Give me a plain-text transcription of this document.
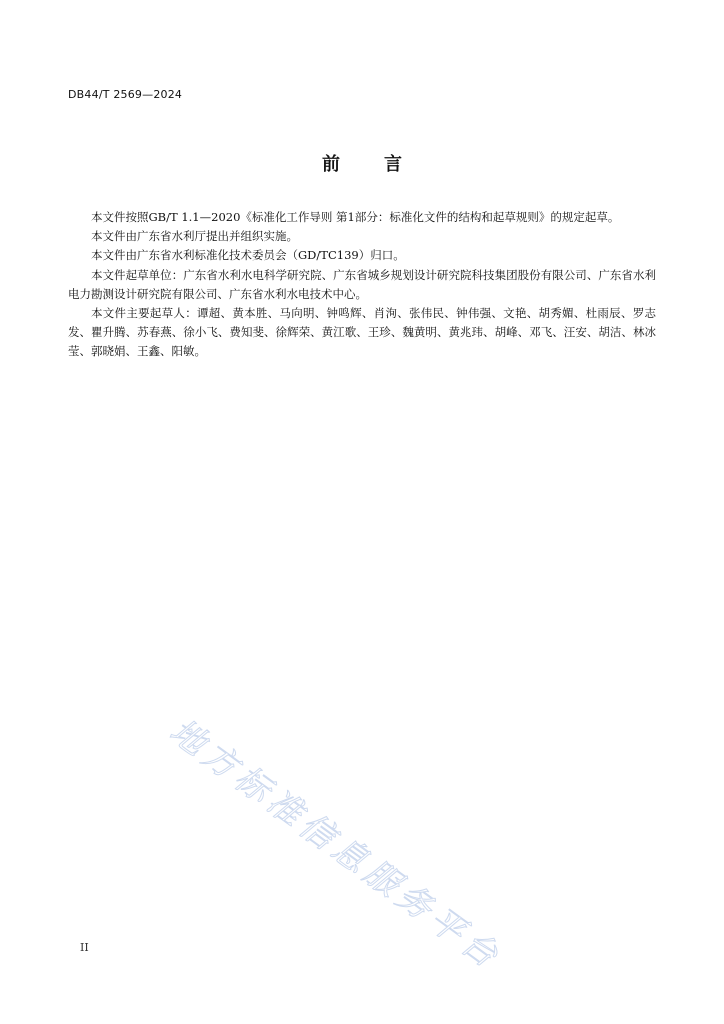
DB44/T 2569—2024
前 言

本文件按照GB/T 1.1—2020《标准化工作导则 第1部分：标准化文件的结构和起草规则》的规定起草。

本文件由广东省水利厅提出并组织实施。

本文件由广东省水利标准化技术委员会（GD/TC139）归口。

本文件起草单位：广东省水利水电科学研究院、广东省城乡规划设计研究院科技集团股份有限公司、广东省水利电力勘测设计研究院有限公司、广东省水利水电技术中心。

本文件主要起草人：谭超、黄本胜、马向明、钟鸣辉、肖洵、张伟民、钟伟强、文艳、胡秀媚、杜雨辰、罗志发、瞿升腾、苏春燕、徐小飞、费知斐、徐辉荣、黄江歌、王珍、魏黄明、黄兆玮、胡峰、邓飞、汪安、胡洁、林冰莹、郭晓娟、王鑫、阳敏。

地方标准信息服务平台
II
